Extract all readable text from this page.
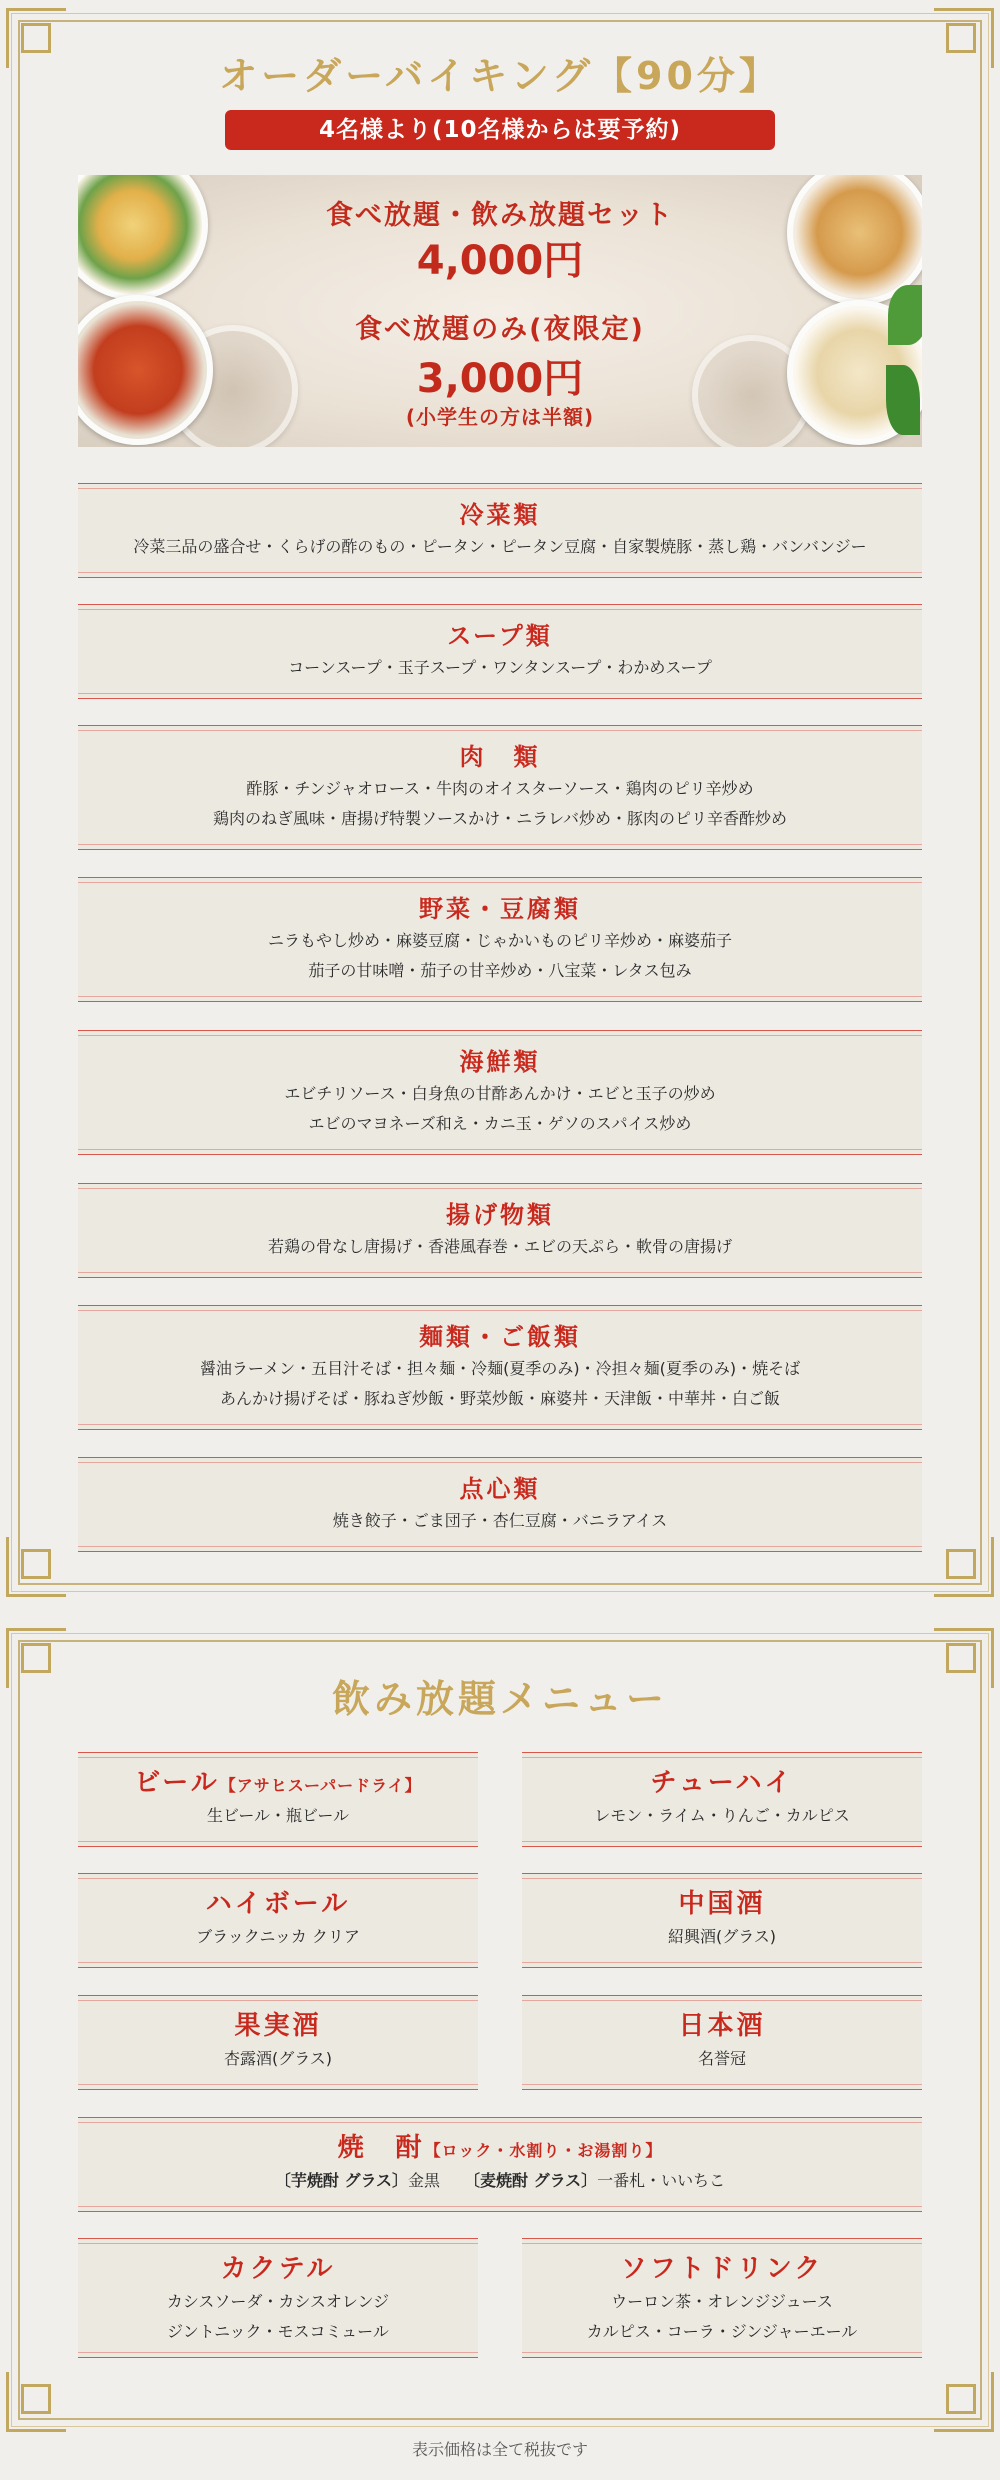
オーダーバイキング【90分】
4名様より(10名様からは要予約)
食べ放題・飲み放題セット
4,000円
食べ放題のみ(夜限定)
3,000円
(小学生の方は半額)
冷菜類
冷菜三品の盛合せ・くらげの酢のもの・ピータン・ピータン豆腐・自家製焼豚・蒸し鶏・バンバンジー
スープ類
コーンスープ・玉子スープ・ワンタンスープ・わかめスープ
肉　類
酢豚・チンジャオロース・牛肉のオイスターソース・鶏肉のピリ辛炒め
鶏肉のねぎ風味・唐揚げ特製ソースかけ・ニラレバ炒め・豚肉のピリ辛香酢炒め
野菜・豆腐類
ニラもやし炒め・麻婆豆腐・じゃかいものピリ辛炒め・麻婆茄子
茄子の甘味噌・茄子の甘辛炒め・八宝菜・レタス包み
海鮮類
エビチリソース・白身魚の甘酢あんかけ・エビと玉子の炒め
エビのマヨネーズ和え・カニ玉・ゲソのスパイス炒め
揚げ物類
若鶏の骨なし唐揚げ・香港風春巻・エビの天ぷら・軟骨の唐揚げ
麺類・ご飯類
醤油ラーメン・五目汁そば・担々麺・冷麺(夏季のみ)・冷担々麺(夏季のみ)・焼そば
あんかけ揚げそば・豚ねぎ炒飯・野菜炒飯・麻婆丼・天津飯・中華丼・白ご飯
点心類
焼き餃子・ごま団子・杏仁豆腐・バニラアイス
飲み放題メニュー
ビール【アサヒスーパードライ】
生ビール・瓶ビール
チューハイ
レモン・ライム・りんご・カルピス
ハイボール
ブラックニッカ クリア
中国酒
紹興酒(グラス)
果実酒
杏露酒(グラス)
日本酒
名誉冠
焼　酎【ロック・水割り・お湯割り】
〔芋焼酎 グラス〕金黒　　 〔麦焼酎 グラス〕一番札・いいちこ
カクテル
カシスソーダ・カシスオレンジ
ジントニック・モスコミュール
ソフトドリンク
ウーロン茶・オレンジジュース
カルピス・コーラ・ジンジャーエール
表示価格は全て税抜です
